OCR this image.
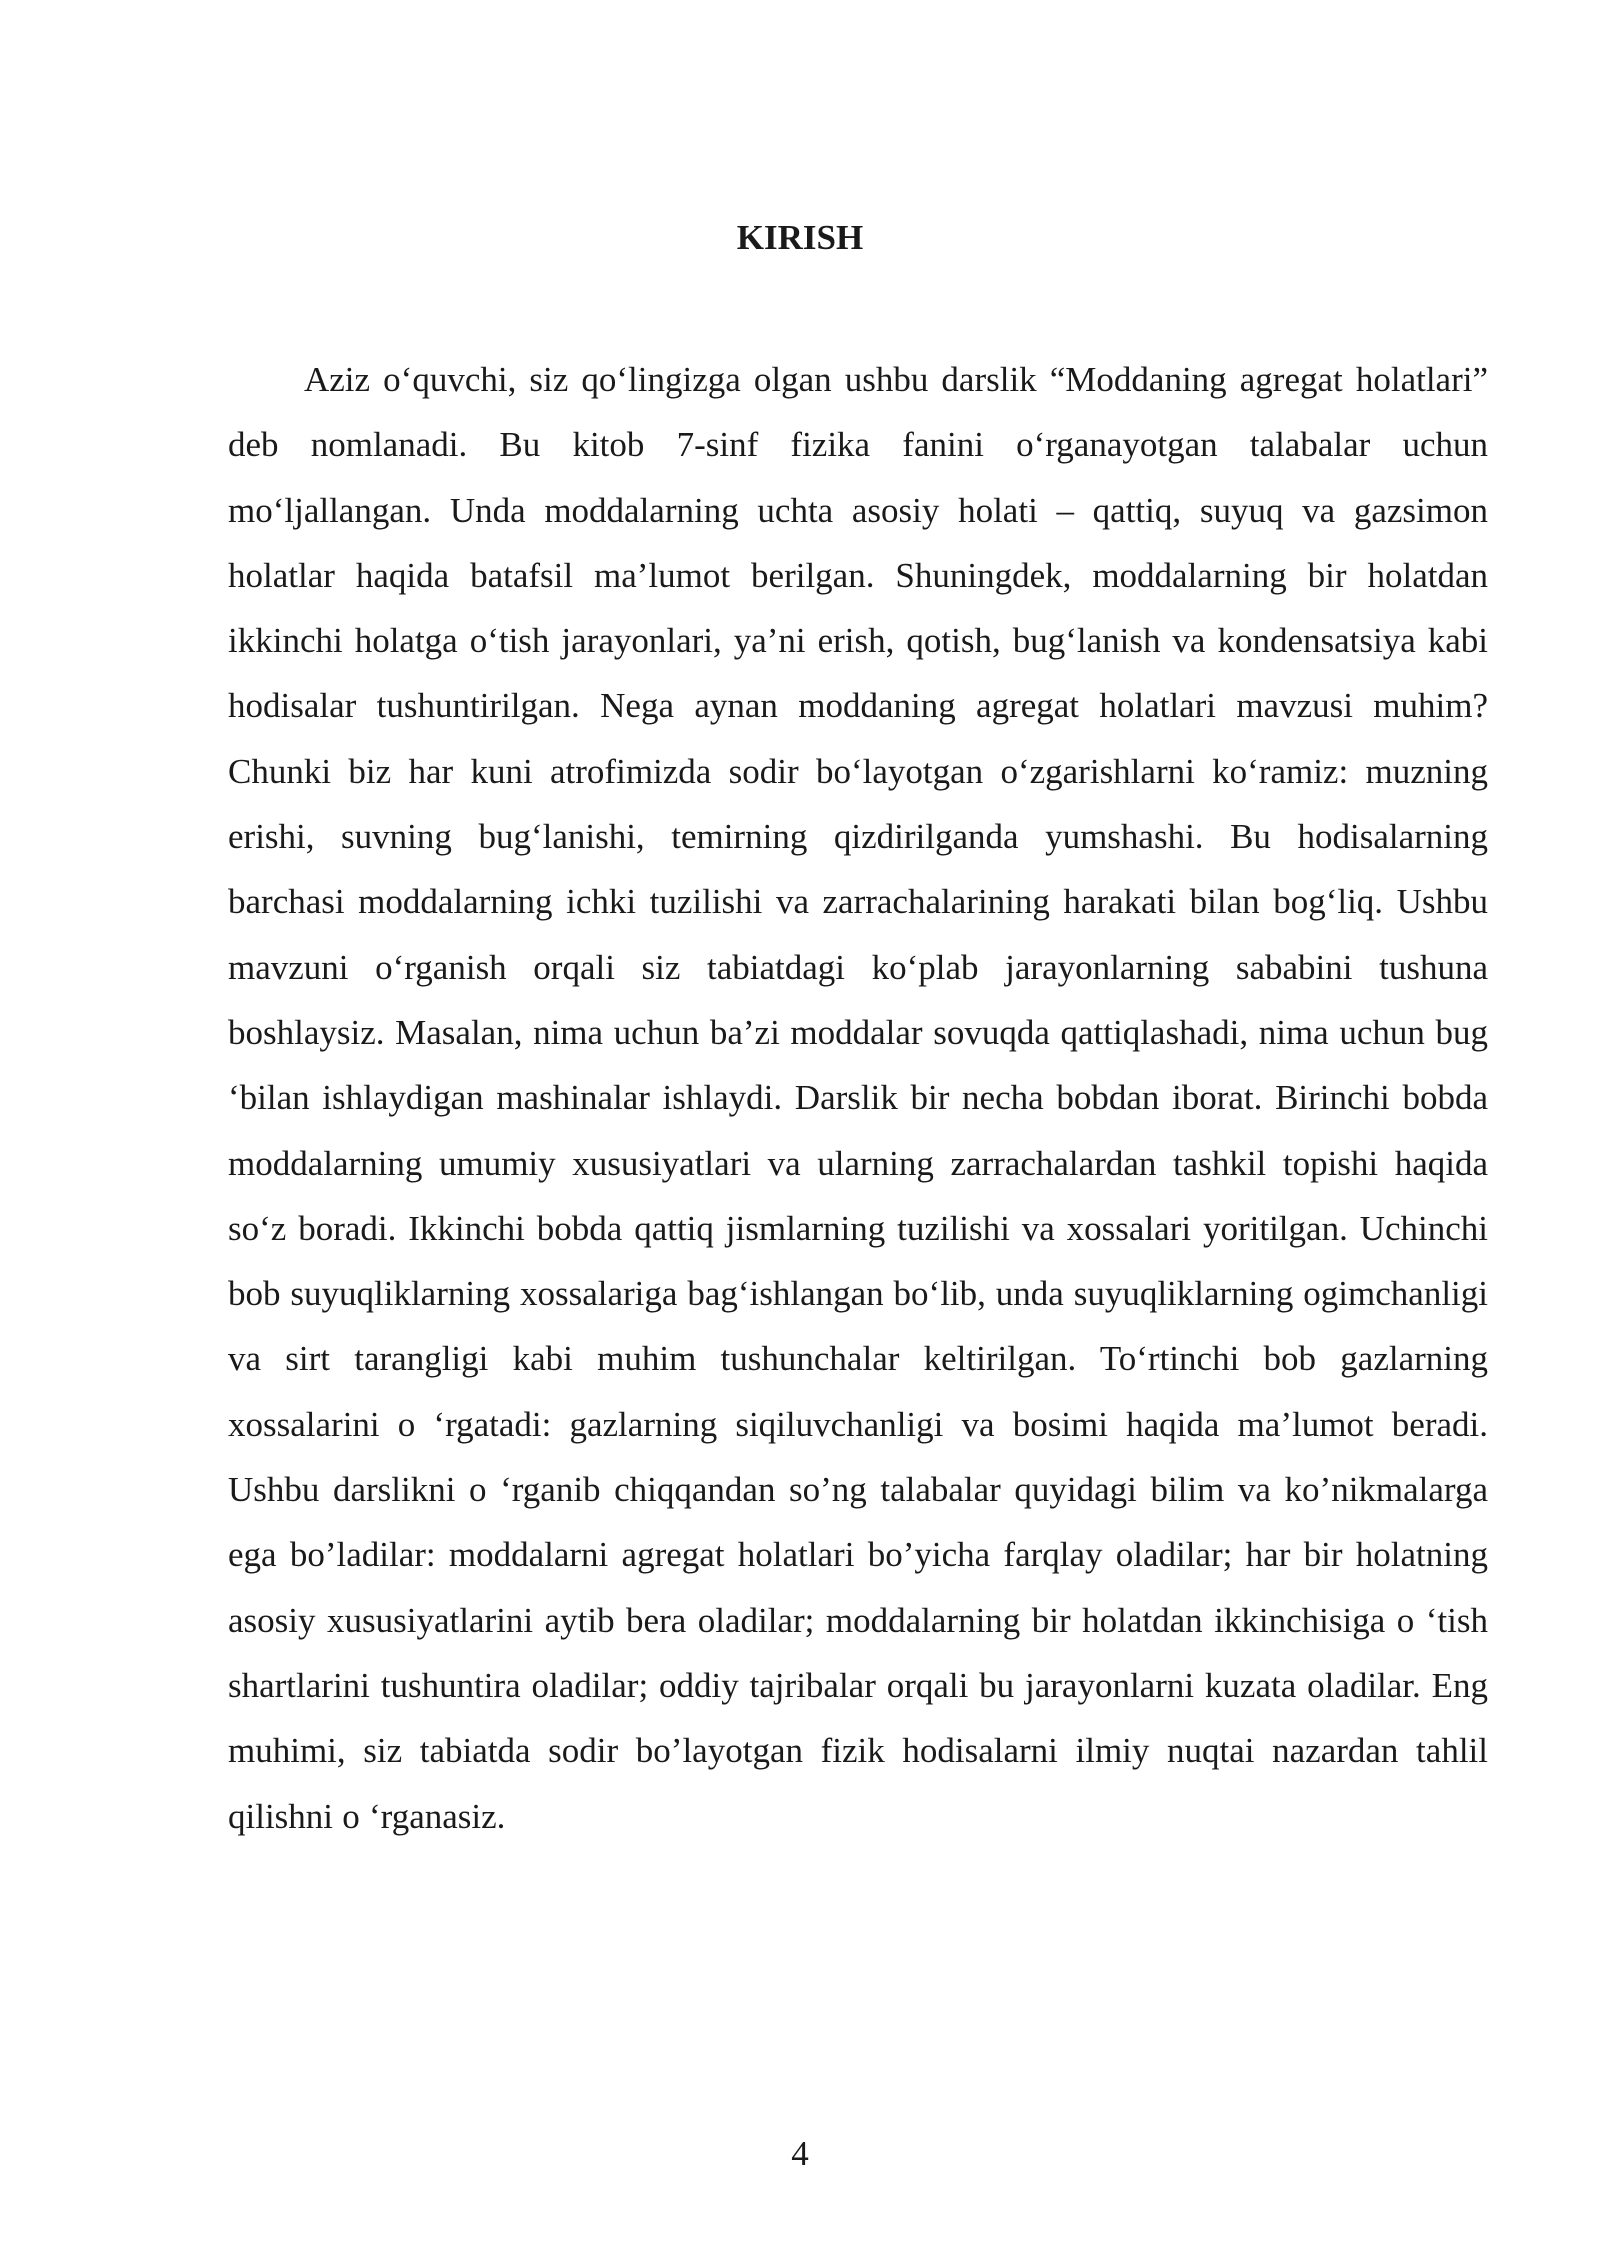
KIRISH

Aziz o‘quvchi, siz qo‘lingizga olgan ushbu darslik “Moddaning agregat holatlari” deb nomlanadi. Bu kitob 7-sinf fizika fanini o‘rganayotgan talabalar uchun mo‘ljallangan. Unda moddalarning uchta asosiy holati – qattiq, suyuq va gazsimon holatlar haqida batafsil ma’lumot berilgan. Shuningdek, moddalarning bir holatdan ikkinchi holatga o‘tish jarayonlari, ya’ni erish, qotish, bug‘lanish va kondensatsiya kabi hodisalar tushuntirilgan. Nega aynan moddaning agregat holatlari mavzusi muhim? Chunki biz har kuni atrofimizda sodir bo‘layotgan o‘zgarishlarni ko‘ramiz: muzning erishi, suvning bug‘lanishi, temirning qizdirilganda yumshashi. Bu hodisalarning barchasi moddalarning ichki tuzilishi va zarrachalarining harakati bilan bog‘liq. Ushbu mavzuni o‘rganish orqali siz tabiatdagi ko‘plab jarayonlarning sababini tushuna boshlaysiz. Masalan, nima uchun ba’zi moddalar sovuqda qattiqlashadi, nima uchun bug ‘bilan ishlaydigan mashinalar ishlaydi. Darslik bir necha bobdan iborat. Birinchi bobda moddalarning umumiy xususiyatlari va ularning zarrachalardan tashkil topishi haqida so‘z boradi. Ikkinchi bobda qattiq jismlarning tuzilishi va xossalari yoritilgan. Uchinchi bob suyuqliklarning xossalariga bag‘ishlangan bo‘lib, unda suyuqliklarning ogimchanligi va sirt tarangligi kabi muhim tushunchalar keltirilgan. To‘rtinchi bob gazlarning xossalarini o ‘rgatadi: gazlarning siqiluvchanligi va bosimi haqida ma’lumot beradi. Ushbu darslikni o ‘rganib chiqqandan so’ng talabalar quyidagi bilim va ko’nikmalarga ega bo’ladilar: moddalarni agregat holatlari bo’yicha farqlay oladilar; har bir holatning asosiy xususiyatlarini aytib bera oladilar; moddalarning bir holatdan ikkinchisiga o ‘tish shartlarini tushuntira oladilar; oddiy tajribalar orqali bu jarayonlarni kuzata oladilar. Eng muhimi, siz tabiatda sodir bo’layotgan fizik hodisalarni ilmiy nuqtai nazardan tahlil qilishni o ‘rganasiz.

4
